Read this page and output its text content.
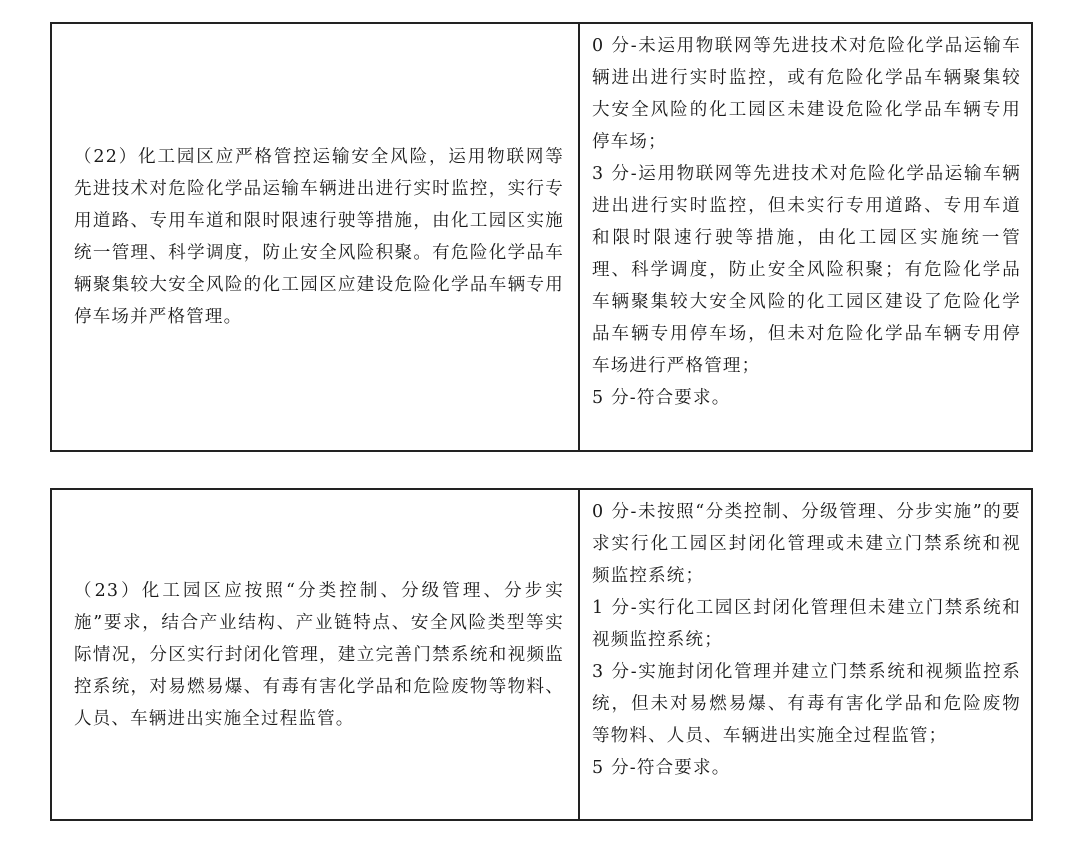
（22）化工园区应严格管控运输安全风险，运用物联网等先进技术对危险化学品运输车辆进出进行实时监控，实行专用道路、专用车道和限时限速行驶等措施，由化工园区实施统一管理、科学调度，防止安全风险积聚。有危险化学品车辆聚集较大安全风险的化工园区应建设危险化学品车辆专用停车场并严格管理。

0 分-未运用物联网等先进技术对危险化学品运输车辆进出进行实时监控，或有危险化学品车辆聚集较大安全风险的化工园区未建设危险化学品车辆专用停车场；

3 分-运用物联网等先进技术对危险化学品运输车辆进出进行实时监控，但未实行专用道路、专用车道和限时限速行驶等措施，由化工园区实施统一管理、科学调度，防止安全风险积聚；有危险化学品车辆聚集较大安全风险的化工园区建设了危险化学品车辆专用停车场，但未对危险化学品车辆专用停车场进行严格管理；

5 分-符合要求。

（23）化工园区应按照“分类控制、分级管理、分步实施”要求，结合产业结构、产业链特点、安全风险类型等实际情况，分区实行封闭化管理，建立完善门禁系统和视频监控系统，对易燃易爆、有毒有害化学品和危险废物等物料、人员、车辆进出实施全过程监管。

0 分-未按照“分类控制、分级管理、分步实施”的要求实行化工园区封闭化管理或未建立门禁系统和视频监控系统；

1 分-实行化工园区封闭化管理但未建立门禁系统和视频监控系统；

3 分-实施封闭化管理并建立门禁系统和视频监控系统，但未对易燃易爆、有毒有害化学品和危险废物等物料、人员、车辆进出实施全过程监管；

5 分-符合要求。
